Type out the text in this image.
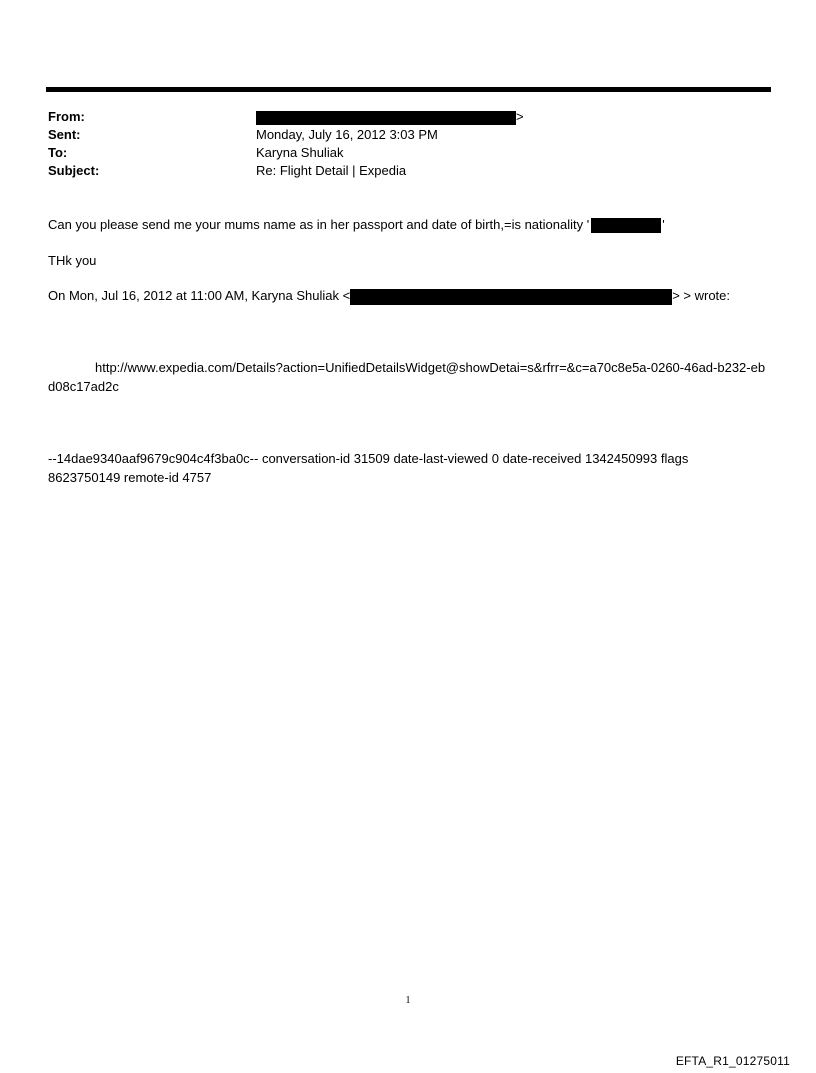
From:	>
Sent:	Monday, July 16, 2012 3:03 PM
To:	Karyna Shuliak
Subject:	Re: Flight Detail | Expedia
Can you please send me your mums name as in her passport and date of birth,=is nationality '	'
THk you
On Mon, Jul 16, 2012 at 11:00 AM, Karyna Shuliak <	> > wrote:
http://www.expedia.com/Details?action=UnifiedDetailsWidget@showDetai=s&rfrr=&c=a70c8e5a-0260-46ad-b232-ebd08c17ad2c
--14dae9340aaf9679c904c4f3ba0c-- conversation-id 31509 date-last-viewed 0 date-received 1342450993 flags 8623750149 remote-id 4757
1
EFTA_R1_01275011
